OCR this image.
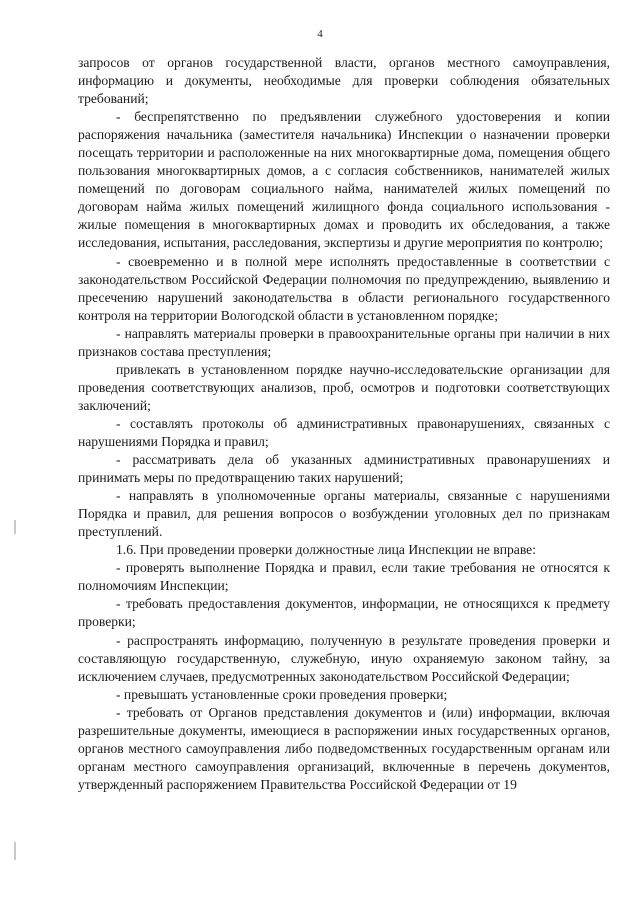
4

запросов от органов государственной власти, органов местного самоуправления, информацию и документы, необходимые для проверки соблюдения обязательных требований;

- беспрепятственно по предъявлении служебного удостоверения и копии распоряжения начальника (заместителя начальника) Инспекции о назначении проверки посещать территории и расположенные на них многоквартирные дома, помещения общего пользования многоквартирных домов, а с согласия собственников, нанимателей жилых помещений по договорам социального найма, нанимателей жилых помещений по договорам найма жилых помещений жилищного фонда социального использования - жилые помещения в многоквартирных домах и проводить их обследования, а также исследования, испытания, расследования, экспертизы и другие мероприятия по контролю;

- своевременно и в полной мере исполнять предоставленные в соответствии с законодательством Российской Федерации полномочия по предупреждению, выявлению и пресечению нарушений законодательства в области регионального государственного контроля на территории Вологодской области в установленном порядке;

- направлять материалы проверки в правоохранительные органы при наличии в них признаков состава преступления;

привлекать в установленном порядке научно-исследовательские организации для проведения соответствующих анализов, проб, осмотров и подготовки соответствующих заключений;

- составлять протоколы об административных правонарушениях, связанных с нарушениями Порядка и правил;

- рассматривать дела об указанных административных правонарушениях и принимать меры по предотвращению таких нарушений;

- направлять в уполномоченные органы материалы, связанные с нарушениями Порядка и правил, для решения вопросов о возбуждении уголовных дел по признакам преступлений.

1.6. При проведении проверки должностные лица Инспекции не вправе:

- проверять выполнение Порядка и правил, если такие требования не относятся к полномочиям Инспекции;

- требовать предоставления документов, информации, не относящихся к предмету проверки;

- распространять информацию, полученную в результате проведения проверки и составляющую государственную, служебную, иную охраняемую законом тайну, за исключением случаев, предусмотренных законодательством Российской Федерации;

- превышать установленные сроки проведения проверки;

- требовать от Органов представления документов и (или) информации, включая разрешительные документы, имеющиеся в распоряжении иных государственных органов, органов местного самоуправления либо подведомственных государственным органам или органам местного самоуправления организаций, включенные в перечень документов, утвержденный распоряжением Правительства Российской Федерации от 19
